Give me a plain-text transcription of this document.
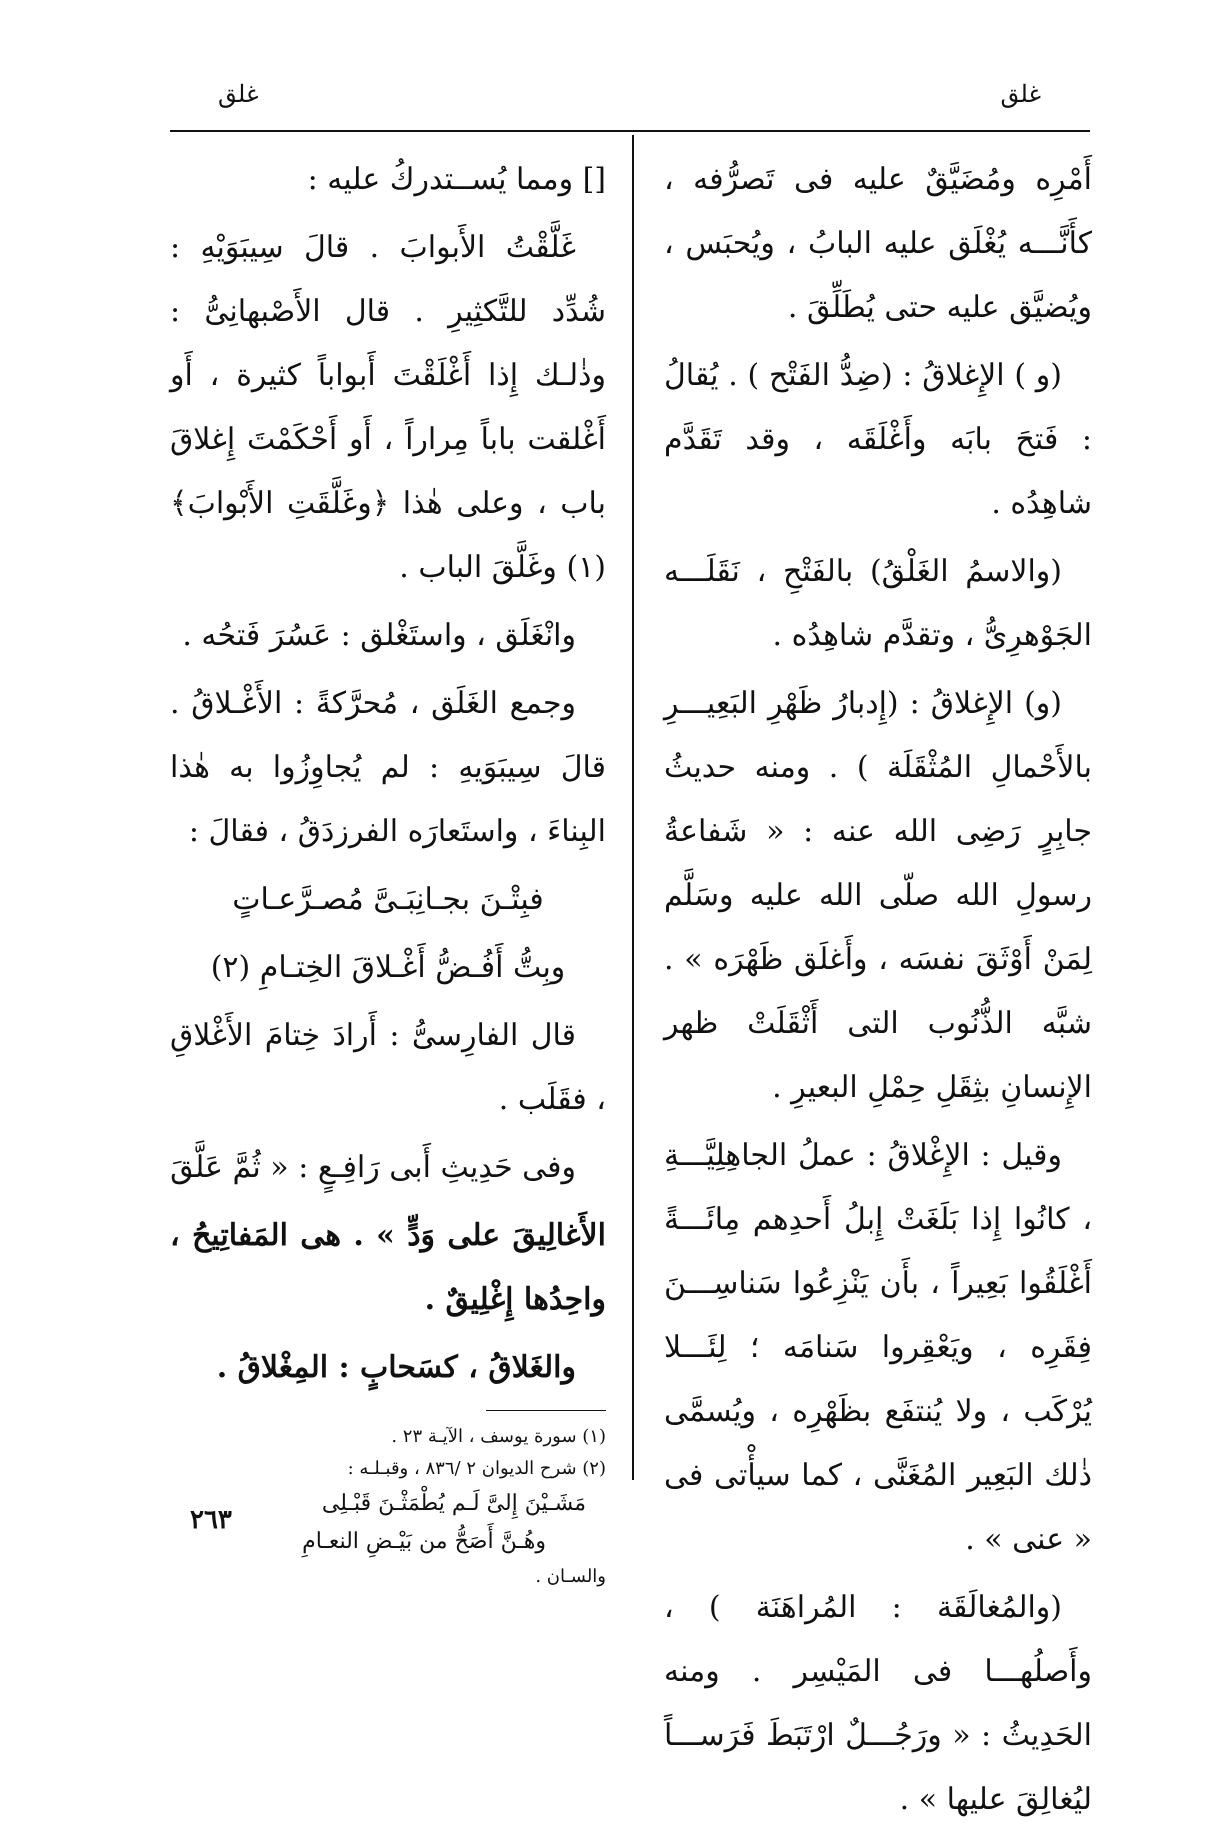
غلق
غلق

أَمْرِه ومُضَيَّقٌ عليه فى تَصرُّفه ، كأَنَّـــه يُغْلَق عليه البابُ ، ويُحبَس ، ويُضيَّق عليه حتى يُطَلِّقَ .

(و ) الإِغلاقُ : (ضِدُّ الفَتْح ) . يُقالُ : فَتحَ بابَه وأَغْلَقَه ، وقد تَقَدَّم شاهِدُه .

(والاسمُ الغَلْقُ) بالفَتْحِ ، نَقَلَـــه الجَوْهرِىُّ ، وتقدَّم شاهِدُه .

(و) الإِغلاقُ : (إِدبارُ ظَهْرِ البَعِيـــرِ بالأَحْمالِ المُثْقَلَة ) . ومنه حديثُ جابِرٍ رَضِى الله عنه : « شَفاعةُ رسولِ الله صلّى الله عليه وسَلَّم لِمَنْ أَوْثَقَ نفسَه ، وأَغلَق ظَهْرَه » . شبَّه الذُّنُوب التى أَثْقَلَتْ ظهر الإِنسانِ بثِقَلِ حِمْلِ البعيرِ .

وقيل : الإِغْلاقُ : عملُ الجاهِلِيَّـــةِ ، كانُوا إِذا بَلَغَتْ إِبلُ أَحدِهم مِائَـــةً أَغْلَقُوا بَعِيراً ، بأَن يَنْزِعُوا سَناسِـــنَ فِقَرِه ، ويَعْقِروا سَنامَه ؛ لِئَـــلا يُرْكَب ، ولا يُنتفَع بظَهْرِه ، ويُسمَّى ذٰلك البَعِير المُغَنَّى ، كما سيأْتى فى « عنى » .

(والمُغالَقَة : المُراهَنَة ) ، وأَصلُهـــا فى المَيْسِر . ومنه الحَدِيثُ : « ورَجُـــلٌ ارْتَبَطَ فَرَســـاً ليُغالِقَ عليها » .

[] ومما يُســتدركُ عليه :

غَلَّقْتُ الأَبوابَ . قالَ سِيبَوَيْهِ : شُدِّد للتَّكثِيرِ . قال الأَصْبهانِىُّ : وذٰلـك إِذا أَغْلَقْتَ أَبواباً كثيرة ، أَو أَغْلقت باباً مِراراً ، أَو أَحْكَمْتَ إِغلاقَ باب ، وعلى هٰذا ﴿وغَلَّقَتِ الأَبْوابَ﴾ (١) وغَلَّقَ الباب .

وانْغَلَق ، واستَغْلق : عَسُرَ فَتحُه .

وجمع الغَلَق ، مُحرَّكةً : الأَغْـلاقُ . قالَ سِيبَوَيهِ : لم يُجاوِزُوا به هٰذا البِناءَ ، واستَعارَه الفرزدَقُ ، فقالَ :

فبِتْـنَ بجـانِبَـىَّ مُصـرَّعـاتٍ

وبِتُّ أَفُـضُّ أَغْـلاقَ الخِتـامِ (٢)

قال الفارِسىُّ : أَرادَ خِتامَ الأَغْلاقِ ، فقَلَب .

وفى حَدِيثِ أَبى رَافِـعٍ : « ثُمَّ عَلَّقَ

الأَغالِيقَ على وَدٍّ » . هى المَفاتِيحُ ، واحِدُها إِغْلِيقٌ .

والغَلاقُ ، كسَحابٍ : المِغْلاقُ .

(١) سورة يوسف ، الآيـة ٢٣ .
(٢) شرح الديوان ٢ /٨٣٦ ، وقبـلـه :
مَشَـيْنَ إِلىَّ لَـم يُطْمَثْـنَ قَبْـلِى
وهُـنَّ أَصَحُّ من بَيْـضِ النعـامِ
والسـان .
٢٦٣
